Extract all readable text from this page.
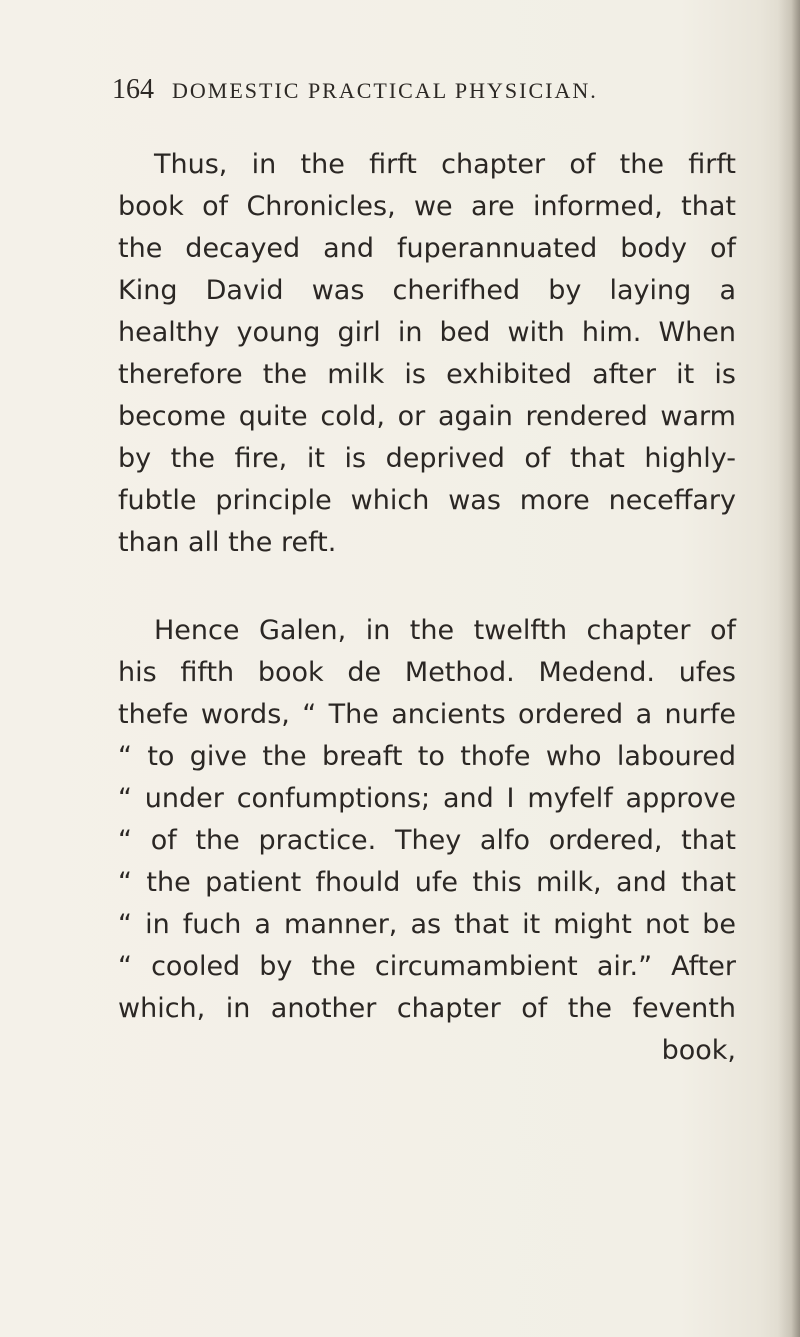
164 DOMESTIC PRACTICAL PHYSICIAN.

Thus, in the firft chapter of the firft
book of Chronicles, we are informed, that
the decayed and fuperannuated body of
King David was cherifhed by laying a
healthy young girl in bed with him. When
therefore the milk is exhibited after it is
become quite cold, or again rendered warm
by the fire, it is deprived of that highly-
fubtle principle which was more neceffary
than all the reft.

Hence Galen, in the twelfth chapter of
his fifth book de Method. Medend. ufes
thefe words, “ The ancients ordered a nurfe
“ to give the breaft to thofe who laboured
“ under confumptions; and I myfelf approve
“ of the practice. They alfo ordered, that
“ the patient fhould ufe this milk, and that
“ in fuch a manner, as that it might not be
“ cooled by the circumambient air.” After
which, in another chapter of the feventh
book,
